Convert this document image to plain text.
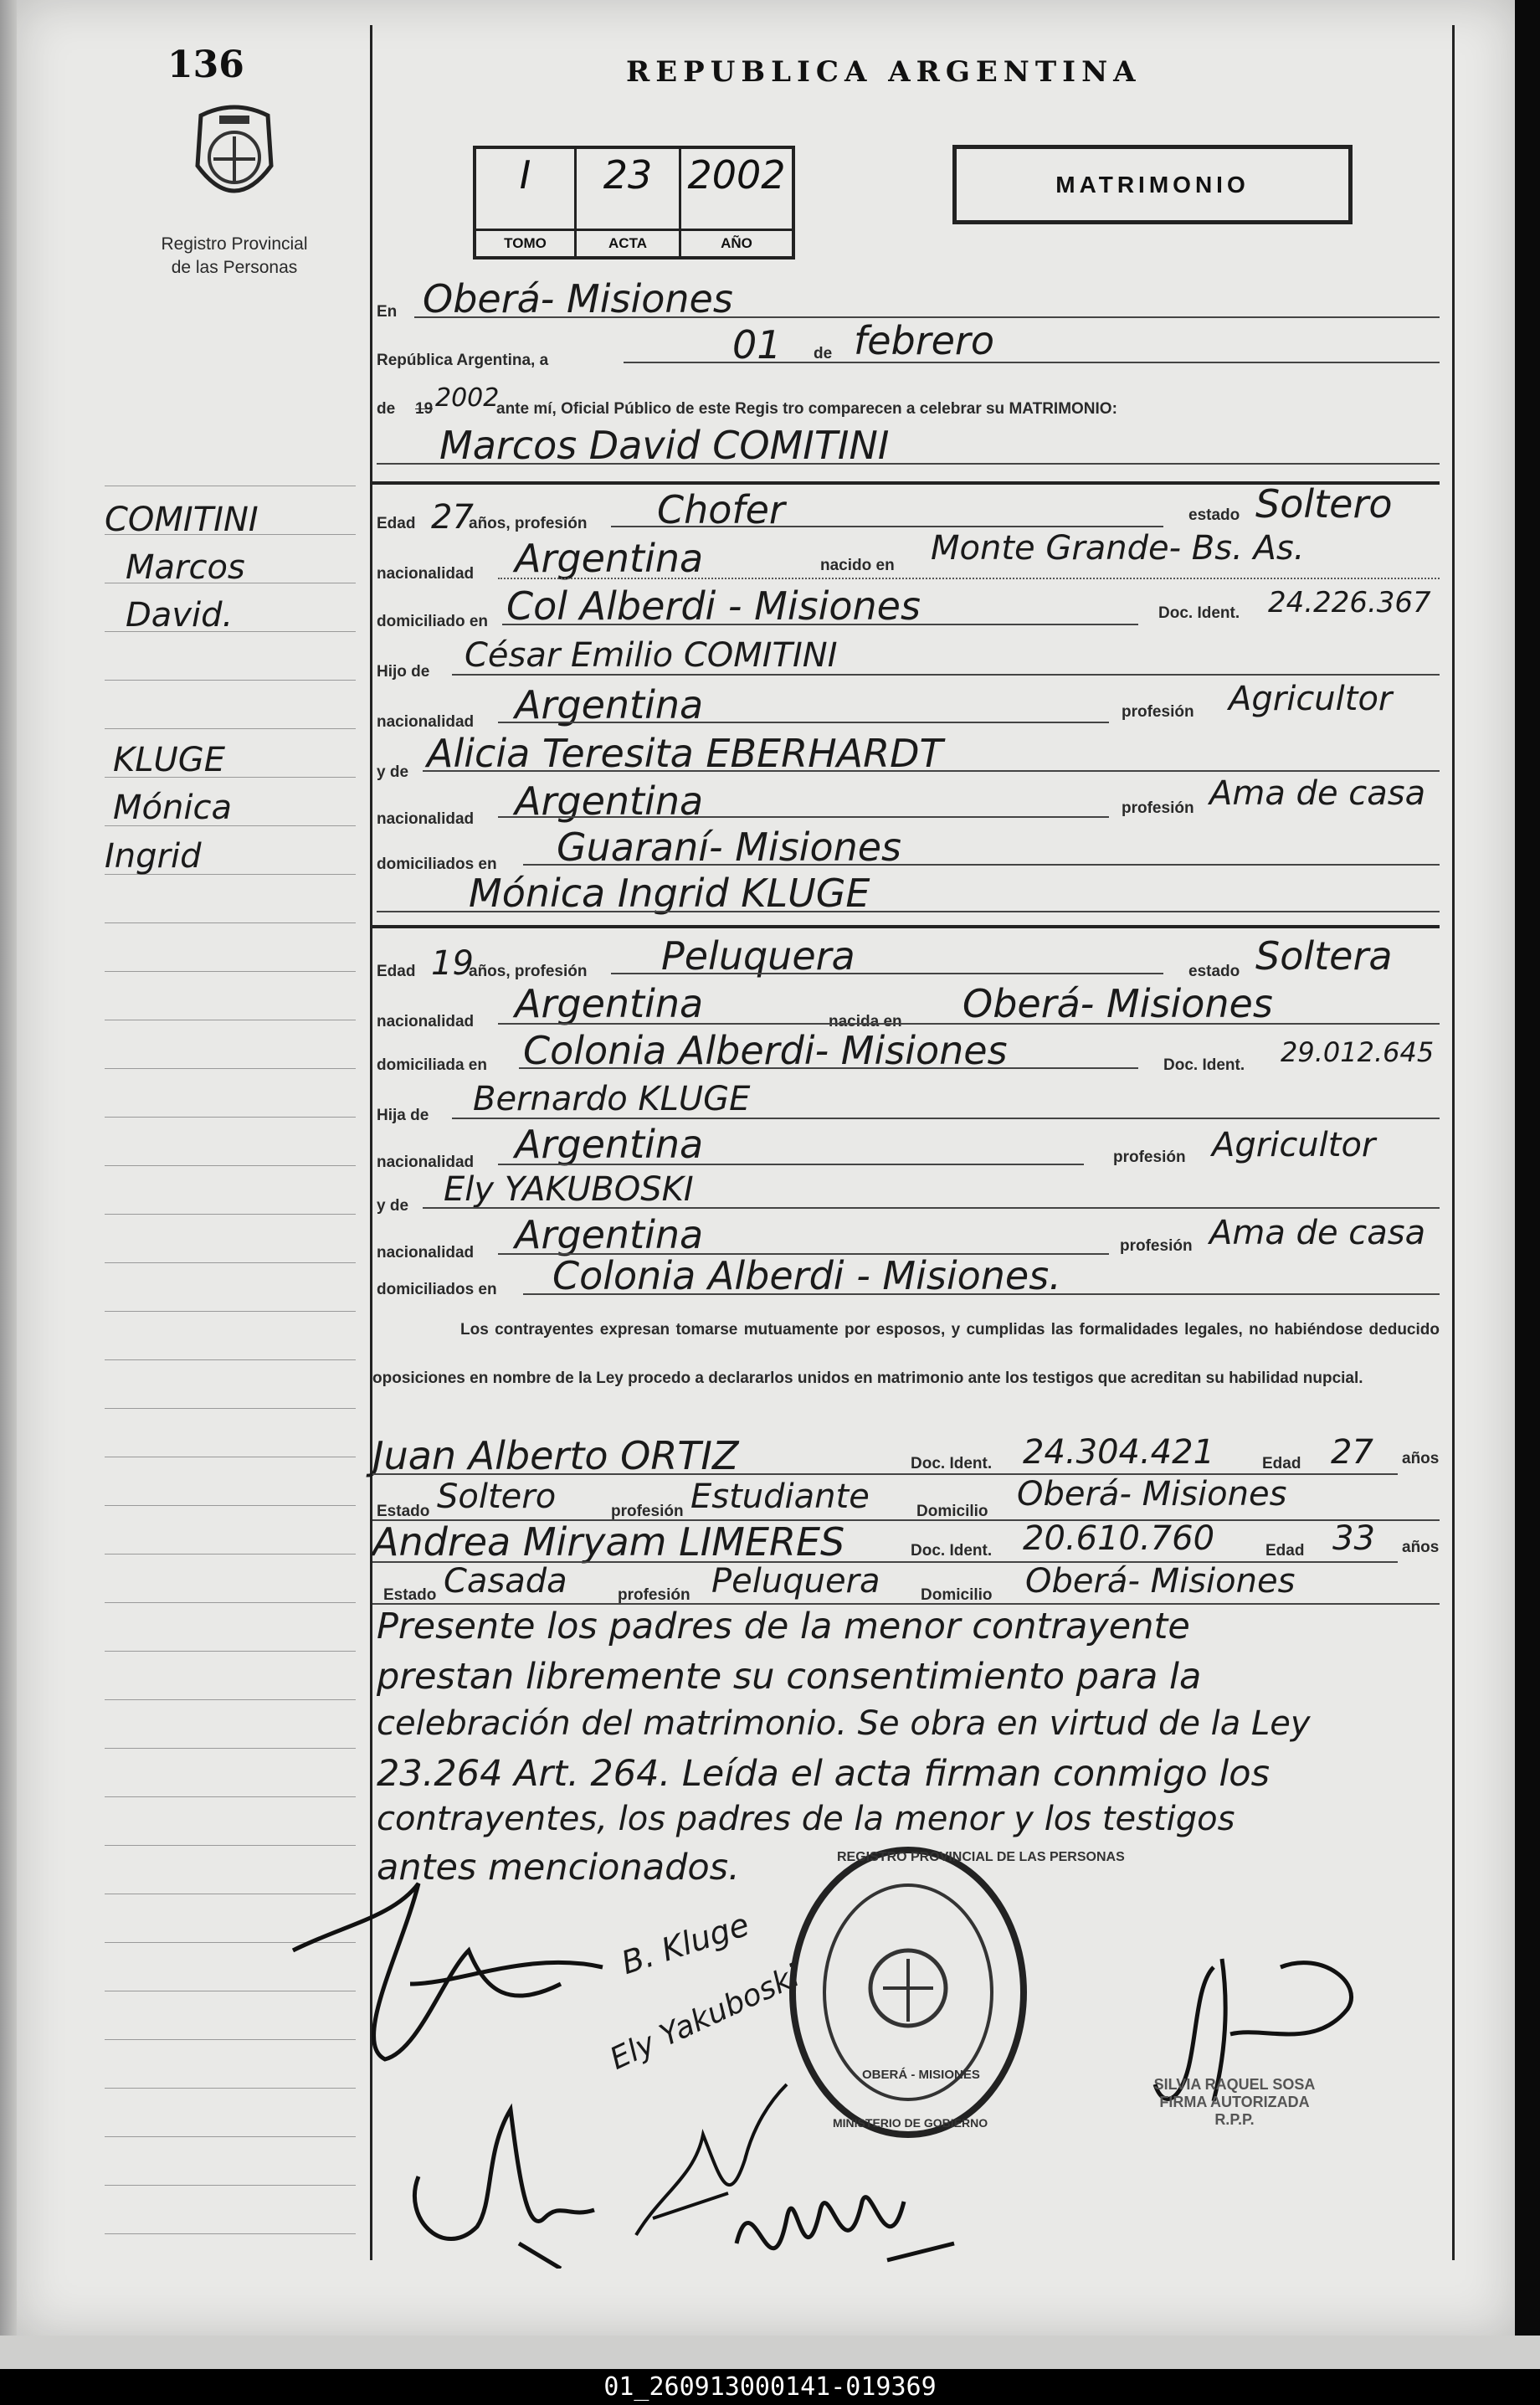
136
Registro Provincial
de las Personas
REPUBLICA ARGENTINA
I
TOMO
23
ACTA
2002
AÑO
MATRIMONIO
En Oberá- Misiones
República Argentina, a	01 de febrero
de 19 2002
ante mí, Oficial Público de este Regis tro comparecen a celebrar su MATRIMONIO:
Marcos David COMITINI
COMITINI
Marcos
David.
KLUGE
Mónica
Ingrid
Edad 27
años, profesión Chofer	estado Soltero
nacionalidad Argentina	nacido en Monte Grande- Bs. As.
domiciliado en Col Alberdi - Misiones	Doc. Ident. 24.226.367
Hijo de César Emilio COMITINI
nacionalidad Argentina	profesión Agricultor
y de Alicia Teresita EBERHARDT
nacionalidad Argentina	profesión Ama de casa
domiciliados en Guaraní- Misiones
Mónica Ingrid KLUGE
Edad 19
años, profesión Peluquera	estado Soltera
nacionalidad Argentina	nacida en Oberá- Misiones
domiciliada en Colonia Alberdi- Misiones	Doc. Ident. 29.012.645
Hija de Bernardo KLUGE
nacionalidad Argentina	profesión Agricultor
y de Ely YAKUBOSKI
nacionalidad Argentina	profesión Ama de casa
domiciliados en Colonia Alberdi - Misiones.
Los contrayentes expresan tomarse mutuamente por esposos, y cumplidas las formalidades legales, no habiéndose deducido oposiciones en nombre de la Ley procedo a declararlos unidos en matrimonio ante los testigos que acreditan su habilidad nupcial.
Juan Alberto ORTIZ	Doc. Ident. 24.304.421	Edad 27 años
Estado Soltero	profesión Estudiante	Domicilio Oberá- Misiones
Andrea Miryam LIMERES	Doc. Ident. 20.610.760	Edad 33 años
Estado Casada	profesión Peluquera	Domicilio Oberá- Misiones
Presente los padres de la menor contrayente
prestan libremente su consentimiento para la
celebración del matrimonio. Se obra en virtud de la Ley
23.264 Art. 264. Leída el acta firman conmigo los
contrayentes, los padres de la menor y los testigos
antes mencionados.
B. Kluge
Ely Yakuboski
REGISTRO PROVINCIAL DE LAS PERSONAS
OBERÁ - MISIONES
MINISTERIO DE GOBIERNO
SILVIA RAQUEL SOSA
FIRMA AUTORIZADA
R.P.P.
01_260913000141-019369
